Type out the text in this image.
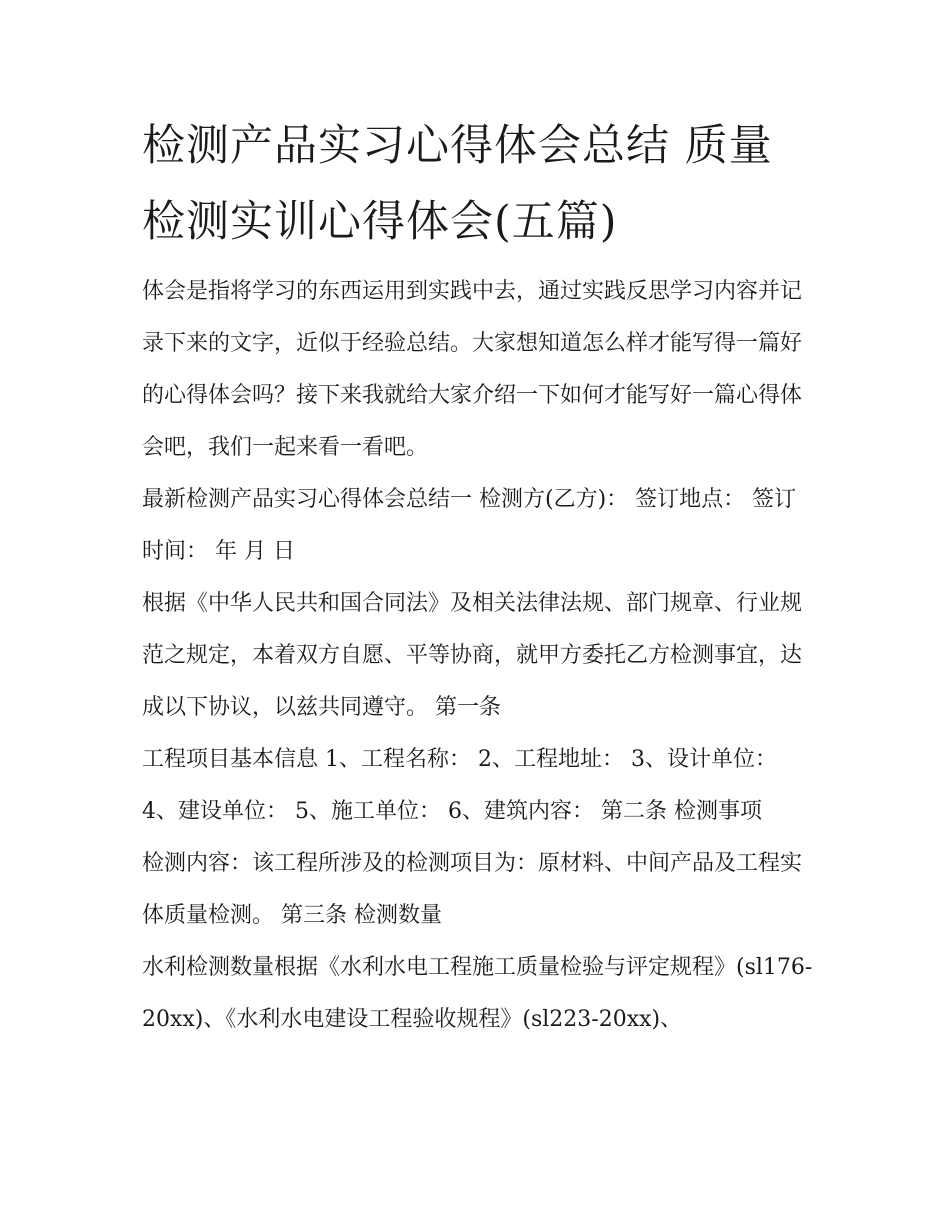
检测产品实习心得体会总结 质量检测实训心得体会(五篇)

体会是指将学习的东西运用到实践中去，通过实践反思学习内容并记录下来的文字，近似于经验总结。大家想知道怎么样才能写得一篇好的心得体会吗？接下来我就给大家介绍一下如何才能写好一篇心得体会吧，我们一起来看一看吧。

最新检测产品实习心得体会总结一 检测方(乙方)： 签订地点： 签订时间： 年 月 日

根据《中华人民共和国合同法》及相关法律法规、部门规章、行业规范之规定，本着双方自愿、平等协商，就甲方委托乙方检测事宜，达成以下协议，以兹共同遵守。 第一条

工程项目基本信息 1、工程名称： 2、工程地址： 3、设计单位： 4、建设单位： 5、施工单位： 6、建筑内容： 第二条 检测事项

检测内容：该工程所涉及的检测项目为：原材料、中间产品及工程实体质量检测。 第三条 检测数量

水利检测数量根据《水利水电工程施工质量检验与评定规程》(sl176-20xx)、《水利水电建设工程验收规程》(sl223-20xx)、
